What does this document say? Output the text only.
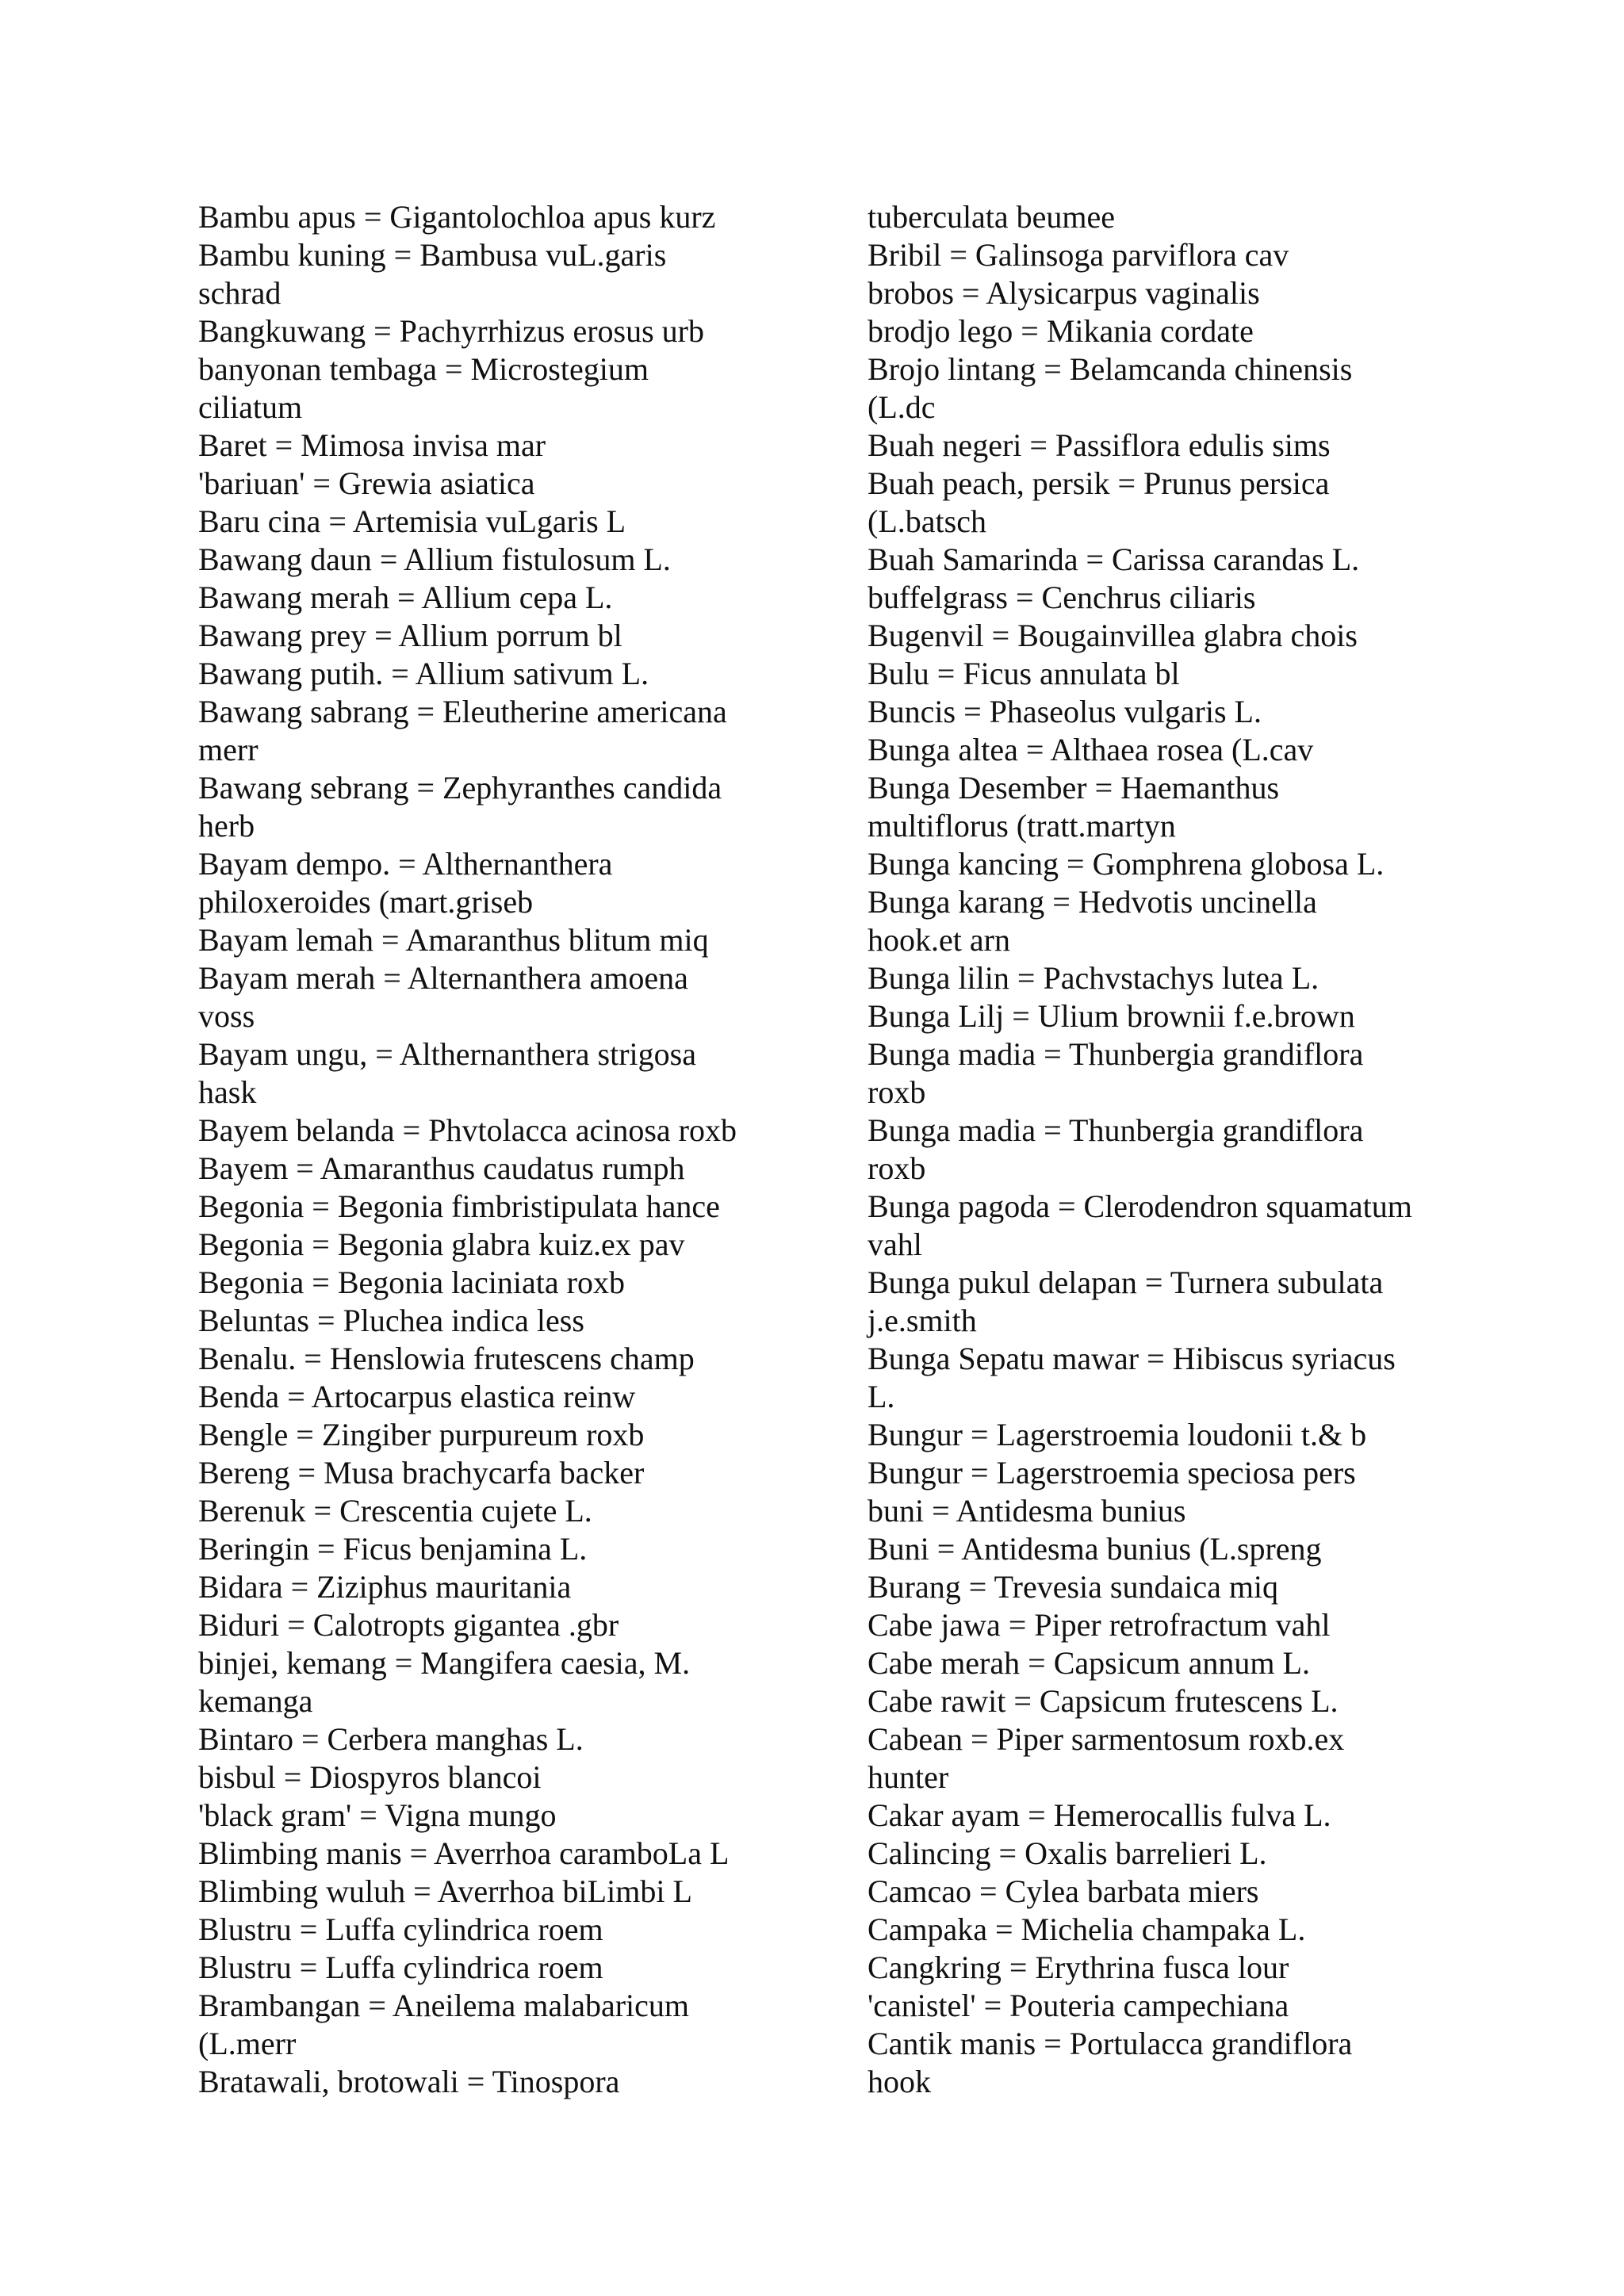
Bambu apus = Gigantolochloa apus kurz
Bambu kuning = Bambusa vuL.garis
schrad
Bangkuwang = Pachyrrhizus erosus urb
banyonan tembaga = Microstegium
ciliatum
Baret = Mimosa invisa mar
'bariuan' = Grewia asiatica
Baru cina = Artemisia vuLgaris L
Bawang daun = Allium fistulosum L.
Bawang merah = Allium cepa L.
Bawang prey = Allium porrum bl
Bawang putih. = Allium sativum L.
Bawang sabrang = Eleutherine americana
merr
Bawang sebrang = Zephyranthes candida
herb
Bayam dempo. = Althernanthera
philoxeroides (mart.griseb
Bayam lemah = Amaranthus blitum miq
Bayam merah = Alternanthera amoena
voss
Bayam ungu, = Althernanthera strigosa
hask
Bayem belanda = Phvtolacca acinosa roxb
Bayem = Amaranthus caudatus rumph
Begonia = Begonia fimbristipulata hance
Begonia = Begonia glabra kuiz.ex pav
Begonia = Begonia laciniata roxb
Beluntas = Pluchea indica less
Benalu. = Henslowia frutescens champ
Benda = Artocarpus elastica reinw
Bengle = Zingiber purpureum roxb
Bereng = Musa brachycarfa backer
Berenuk = Crescentia cujete L.
Beringin = Ficus benjamina L.
Bidara = Ziziphus mauritania
Biduri = Calotropts gigantea .gbr
binjei, kemang = Mangifera caesia, M.
kemanga
Bintaro = Cerbera manghas L.
bisbul = Diospyros blancoi
'black gram' = Vigna mungo
Blimbing manis = Averrhoa caramboLa L
Blimbing wuluh = Averrhoa biLimbi L
Blustru = Luffa cylindrica roem
Blustru = Luffa cylindrica roem
Brambangan = Aneilema malabaricum
(L.merr
Bratawali, brotowali = Tinospora
tuberculata beumee
Bribil = Galinsoga parviflora cav
brobos = Alysicarpus vaginalis
brodjo lego = Mikania cordate
Brojo lintang = Belamcanda chinensis
(L.dc
Buah negeri = Passiflora edulis sims
Buah peach, persik = Prunus persica
(L.batsch
Buah Samarinda = Carissa carandas L.
buffelgrass = Cenchrus ciliaris
Bugenvil = Bougainvillea glabra chois
Bulu = Ficus annulata bl
Buncis = Phaseolus vulgaris L.
Bunga altea = Althaea rosea (L.cav
Bunga Desember = Haemanthus
multiflorus (tratt.martyn
Bunga kancing = Gomphrena globosa L.
Bunga karang = Hedvotis uncinella
hook.et arn
Bunga lilin = Pachvstachys lutea L.
Bunga Lilj = Ulium brownii f.e.brown
Bunga madia = Thunbergia grandiflora
roxb
Bunga madia = Thunbergia grandiflora
roxb
Bunga pagoda = Clerodendron squamatum
vahl
Bunga pukul delapan = Turnera subulata
j.e.smith
Bunga Sepatu mawar = Hibiscus syriacus
L.
Bungur = Lagerstroemia loudonii t.& b
Bungur = Lagerstroemia speciosa pers
buni = Antidesma bunius
Buni = Antidesma bunius (L.spreng
Burang = Trevesia sundaica miq
Cabe jawa = Piper retrofractum vahl
Cabe merah = Capsicum annum L.
Cabe rawit = Capsicum frutescens L.
Cabean = Piper sarmentosum roxb.ex
hunter
Cakar ayam = Hemerocallis fulva L.
Calincing = Oxalis barrelieri L.
Camcao = Cylea barbata miers
Campaka = Michelia champaka L.
Cangkring = Erythrina fusca lour
'canistel' = Pouteria campechiana
Cantik manis = Portulacca grandiflora
hook
